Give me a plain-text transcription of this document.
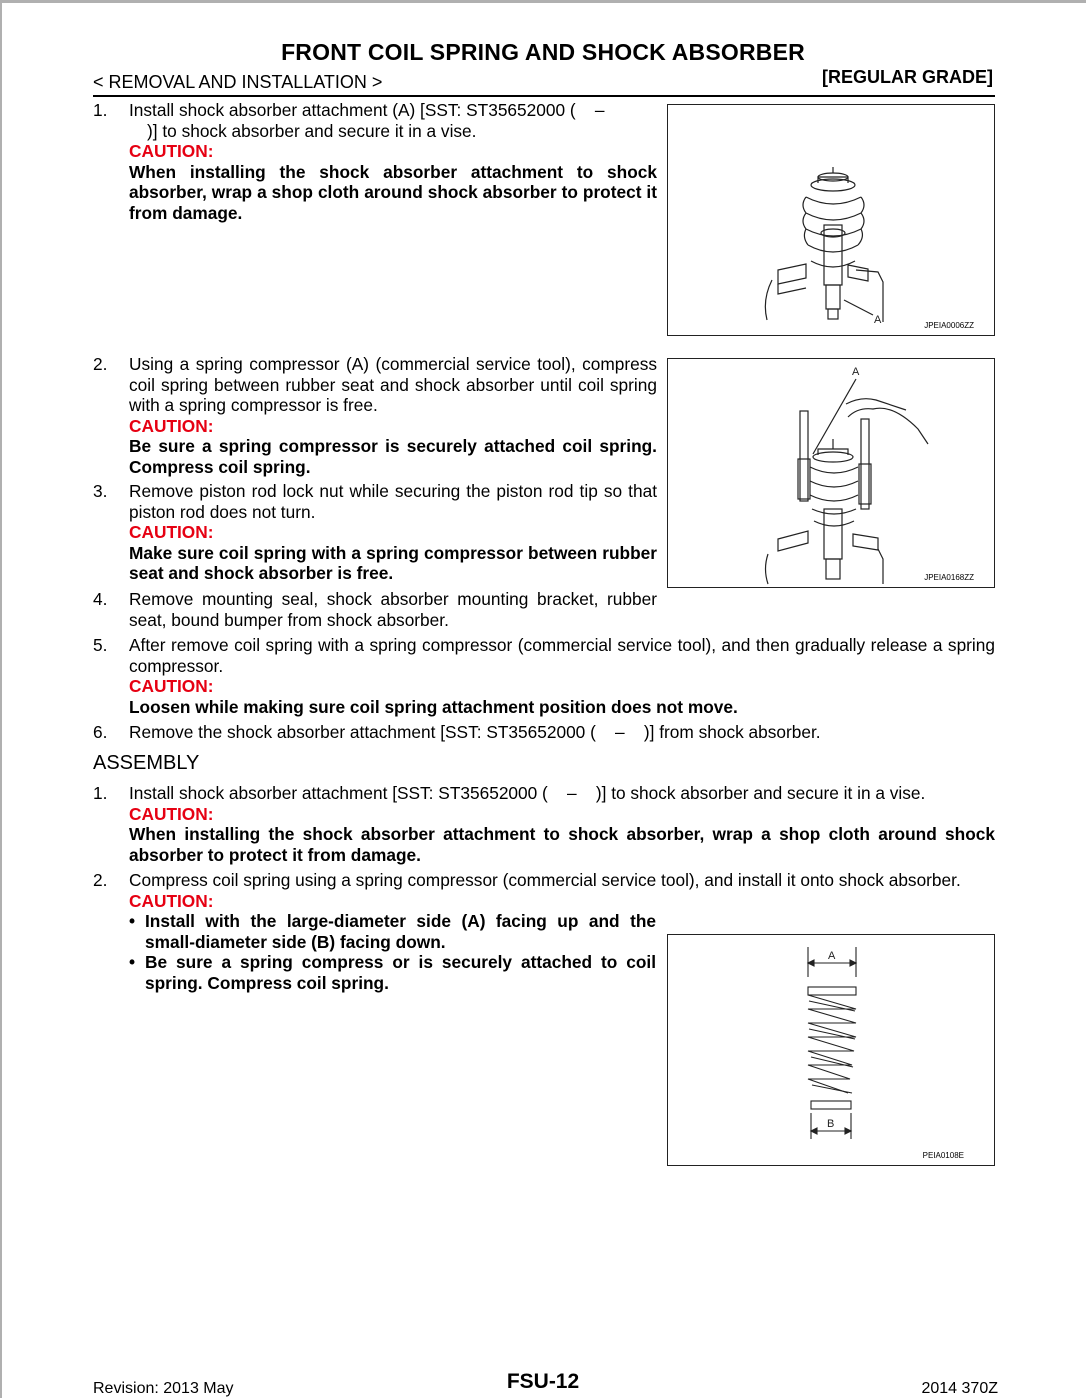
FRONT COIL SPRING AND SHOCK ABSORBER
< REMOVAL AND INSTALLATION >	[REGULAR GRADE]
1. Install shock absorber attachment (A) [SST: ST35652000 (    –
)] to shock absorber and secure it in a vise.
CAUTION:
When installing the shock absorber attachment to shock absorber, wrap a shop cloth around shock absorber to protect it from damage.
A	JPEIA0006ZZ
2. Using a spring compressor (A) (commercial service tool), compress coil spring between rubber seat and shock absorber until coil spring with a spring compressor is free.
CAUTION:
Be sure a spring compressor is securely attached coil spring. Compress coil spring.
3. Remove piston rod lock nut while securing the piston rod tip so that piston rod does not turn.
CAUTION:
Make sure coil spring with a spring compressor between rubber seat and shock absorber is free.
A
JPEIA0168ZZ
4. Remove mounting seal, shock absorber mounting bracket, rubber seat, bound bumper from shock absorber.
5. After remove coil spring with a spring compressor (commercial service tool), and then gradually release a spring compressor.
CAUTION:
Loosen while making sure coil spring attachment position does not move.
6. Remove the shock absorber attachment [SST: ST35652000 (    –    )] from shock absorber.
ASSEMBLY
1. Install shock absorber attachment [SST: ST35652000 (    –    )] to shock absorber and secure it in a vise.
CAUTION:
When installing the shock absorber attachment to shock absorber, wrap a shop cloth around shock absorber to protect it from damage.
2. Compress coil spring using a spring compressor (commercial service tool), and install it onto shock absorber.
CAUTION:
• Install with the large-diameter side (A) facing up and the small-diameter side (B) facing down.
• Be sure a spring compress or is securely attached to coil spring. Compress coil spring.
A
B
PEIA0108E
Revision: 2013 May	FSU-12	2014 370Z
